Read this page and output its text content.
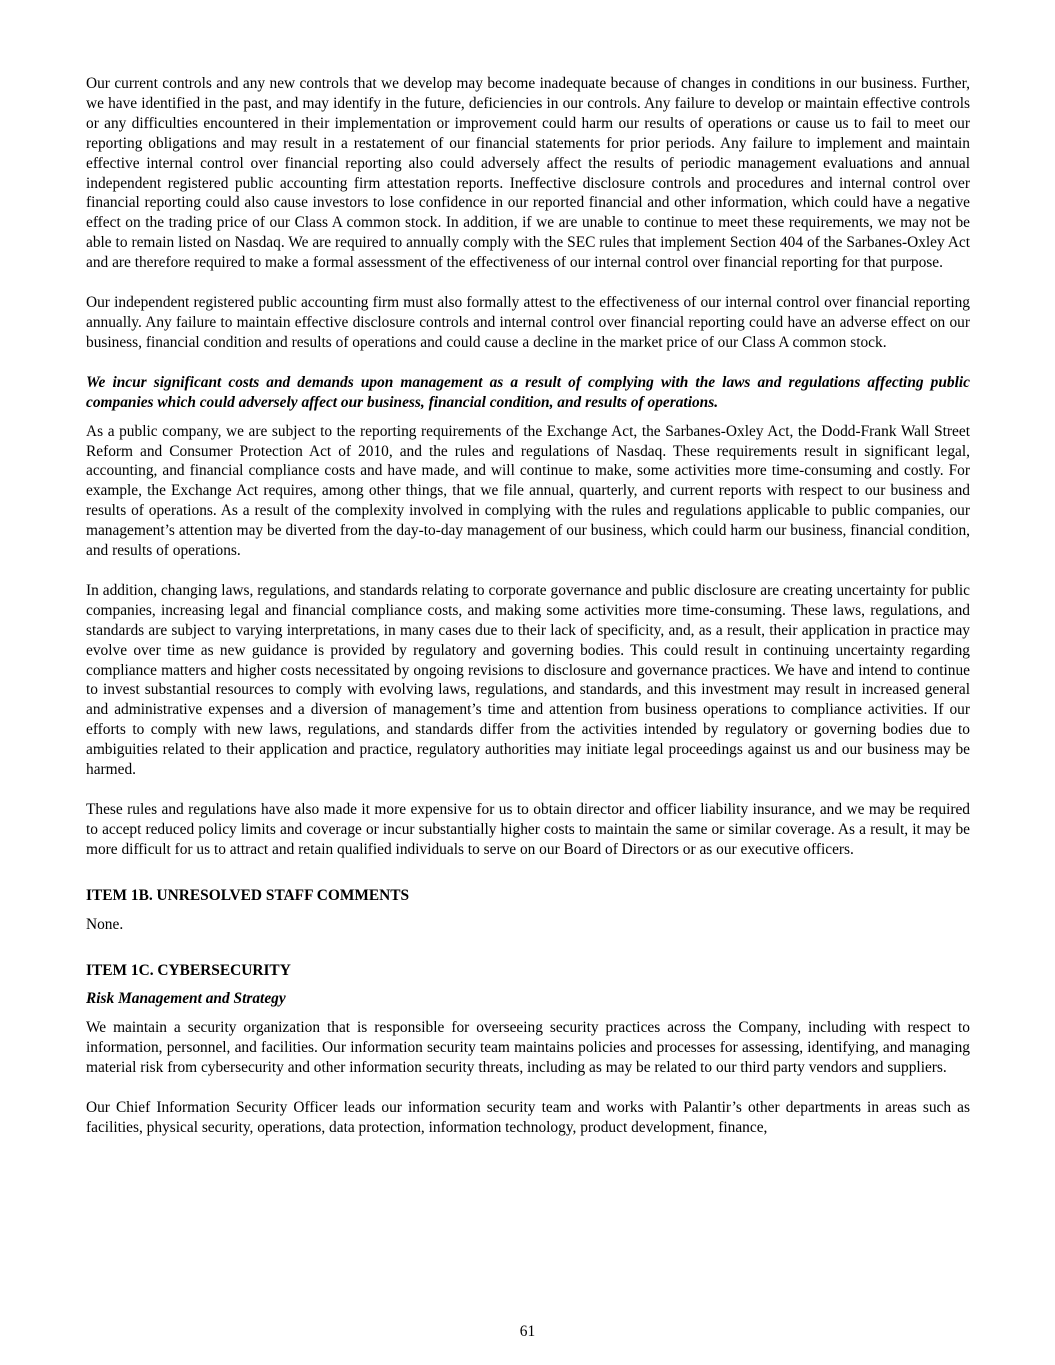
Our current controls and any new controls that we develop may become inadequate because of changes in conditions in our business. Further, we have identified in the past, and may identify in the future, deficiencies in our controls. Any failure to develop or maintain effective controls or any difficulties encountered in their implementation or improvement could harm our results of operations or cause us to fail to meet our reporting obligations and may result in a restatement of our financial statements for prior periods. Any failure to implement and maintain effective internal control over financial reporting also could adversely affect the results of periodic management evaluations and annual independent registered public accounting firm attestation reports. Ineffective disclosure controls and procedures and internal control over financial reporting could also cause investors to lose confidence in our reported financial and other information, which could have a negative effect on the trading price of our Class A common stock. In addition, if we are unable to continue to meet these requirements, we may not be able to remain listed on Nasdaq. We are required to annually comply with the SEC rules that implement Section 404 of the Sarbanes-Oxley Act and are therefore required to make a formal assessment of the effectiveness of our internal control over financial reporting for that purpose.

Our independent registered public accounting firm must also formally attest to the effectiveness of our internal control over financial reporting annually. Any failure to maintain effective disclosure controls and internal control over financial reporting could have an adverse effect on our business, financial condition and results of operations and could cause a decline in the market price of our Class A common stock.

We incur significant costs and demands upon management as a result of complying with the laws and regulations affecting public companies which could adversely affect our business, financial condition, and results of operations.

As a public company, we are subject to the reporting requirements of the Exchange Act, the Sarbanes-Oxley Act, the Dodd-Frank Wall Street Reform and Consumer Protection Act of 2010, and the rules and regulations of Nasdaq. These requirements result in significant legal, accounting, and financial compliance costs and have made, and will continue to make, some activities more time-consuming and costly. For example, the Exchange Act requires, among other things, that we file annual, quarterly, and current reports with respect to our business and results of operations. As a result of the complexity involved in complying with the rules and regulations applicable to public companies, our management’s attention may be diverted from the day-to-day management of our business, which could harm our business, financial condition, and results of operations.

In addition, changing laws, regulations, and standards relating to corporate governance and public disclosure are creating uncertainty for public companies, increasing legal and financial compliance costs, and making some activities more time-consuming. These laws, regulations, and standards are subject to varying interpretations, in many cases due to their lack of specificity, and, as a result, their application in practice may evolve over time as new guidance is provided by regulatory and governing bodies. This could result in continuing uncertainty regarding compliance matters and higher costs necessitated by ongoing revisions to disclosure and governance practices. We have and intend to continue to invest substantial resources to comply with evolving laws, regulations, and standards, and this investment may result in increased general and administrative expenses and a diversion of management’s time and attention from business operations to compliance activities. If our efforts to comply with new laws, regulations, and standards differ from the activities intended by regulatory or governing bodies due to ambiguities related to their application and practice, regulatory authorities may initiate legal proceedings against us and our business may be harmed.

These rules and regulations have also made it more expensive for us to obtain director and officer liability insurance, and we may be required to accept reduced policy limits and coverage or incur substantially higher costs to maintain the same or similar coverage. As a result, it may be more difficult for us to attract and retain qualified individuals to serve on our Board of Directors or as our executive officers.

ITEM 1B. UNRESOLVED STAFF COMMENTS

None.

ITEM 1C. CYBERSECURITY
Risk Management and Strategy

We maintain a security organization that is responsible for overseeing security practices across the Company, including with respect to information, personnel, and facilities. Our information security team maintains policies and processes for assessing, identifying, and managing material risk from cybersecurity and other information security threats, including as may be related to our third party vendors and suppliers.

Our Chief Information Security Officer leads our information security team and works with Palantir’s other departments in areas such as facilities, physical security, operations, data protection, information technology, product development, finance,

61
